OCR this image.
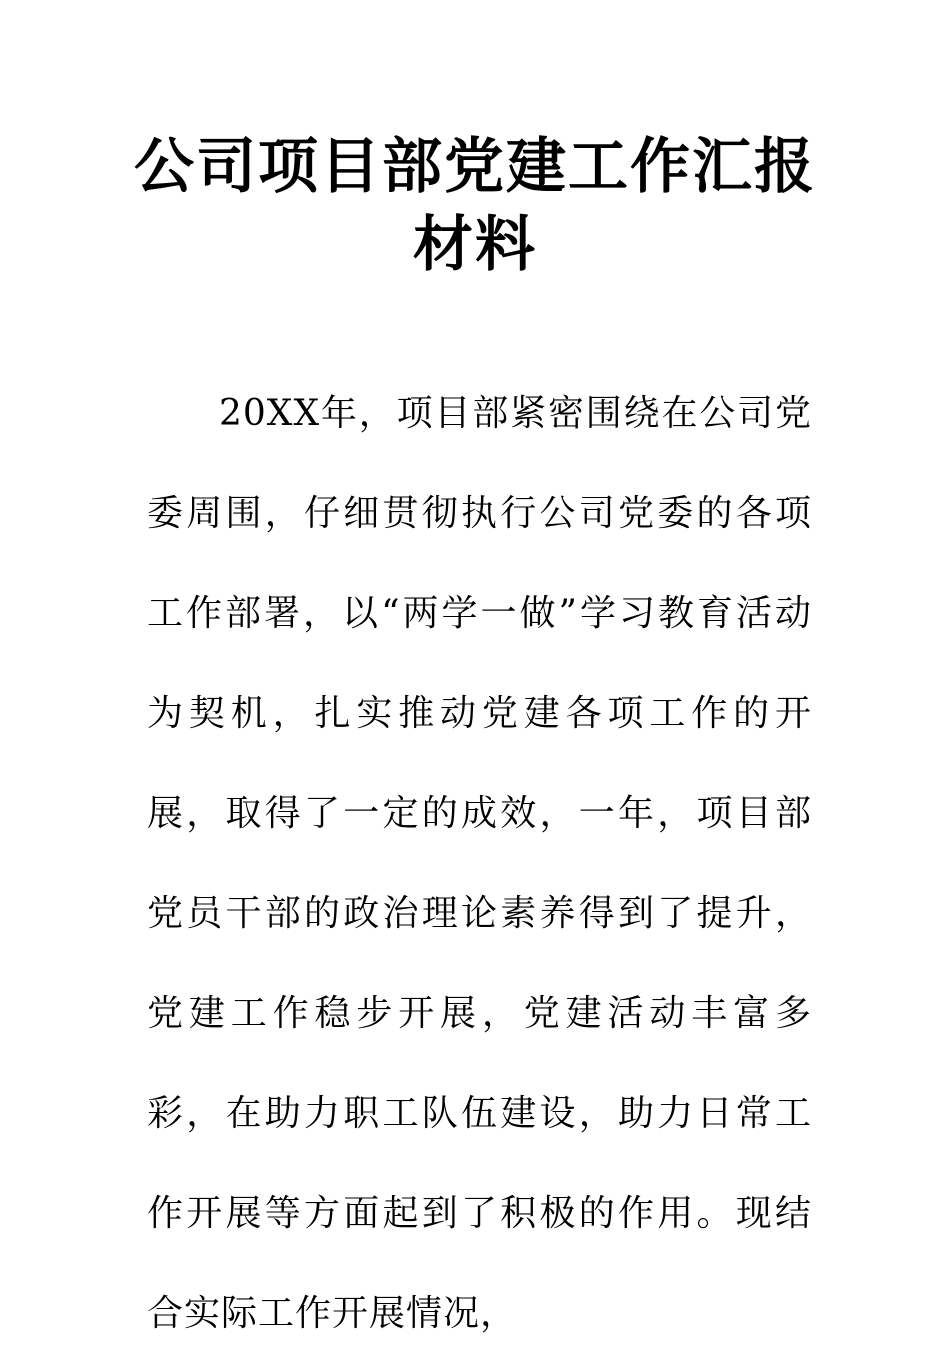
公司项目部党建工作汇报材料

20XX年，项目部紧密围绕在公司党委周围，仔细贯彻执行公司党委的各项工作部署，以“两学一做”学习教育活动为契机，扎实推动党建各项工作的开展，取得了一定的成效，一年，项目部党员干部的政治理论素养得到了提升，党建工作稳步开展，党建活动丰富多彩，在助力职工队伍建设，助力日常工作开展等方面起到了积极的作用。现结合实际工作开展情况，
